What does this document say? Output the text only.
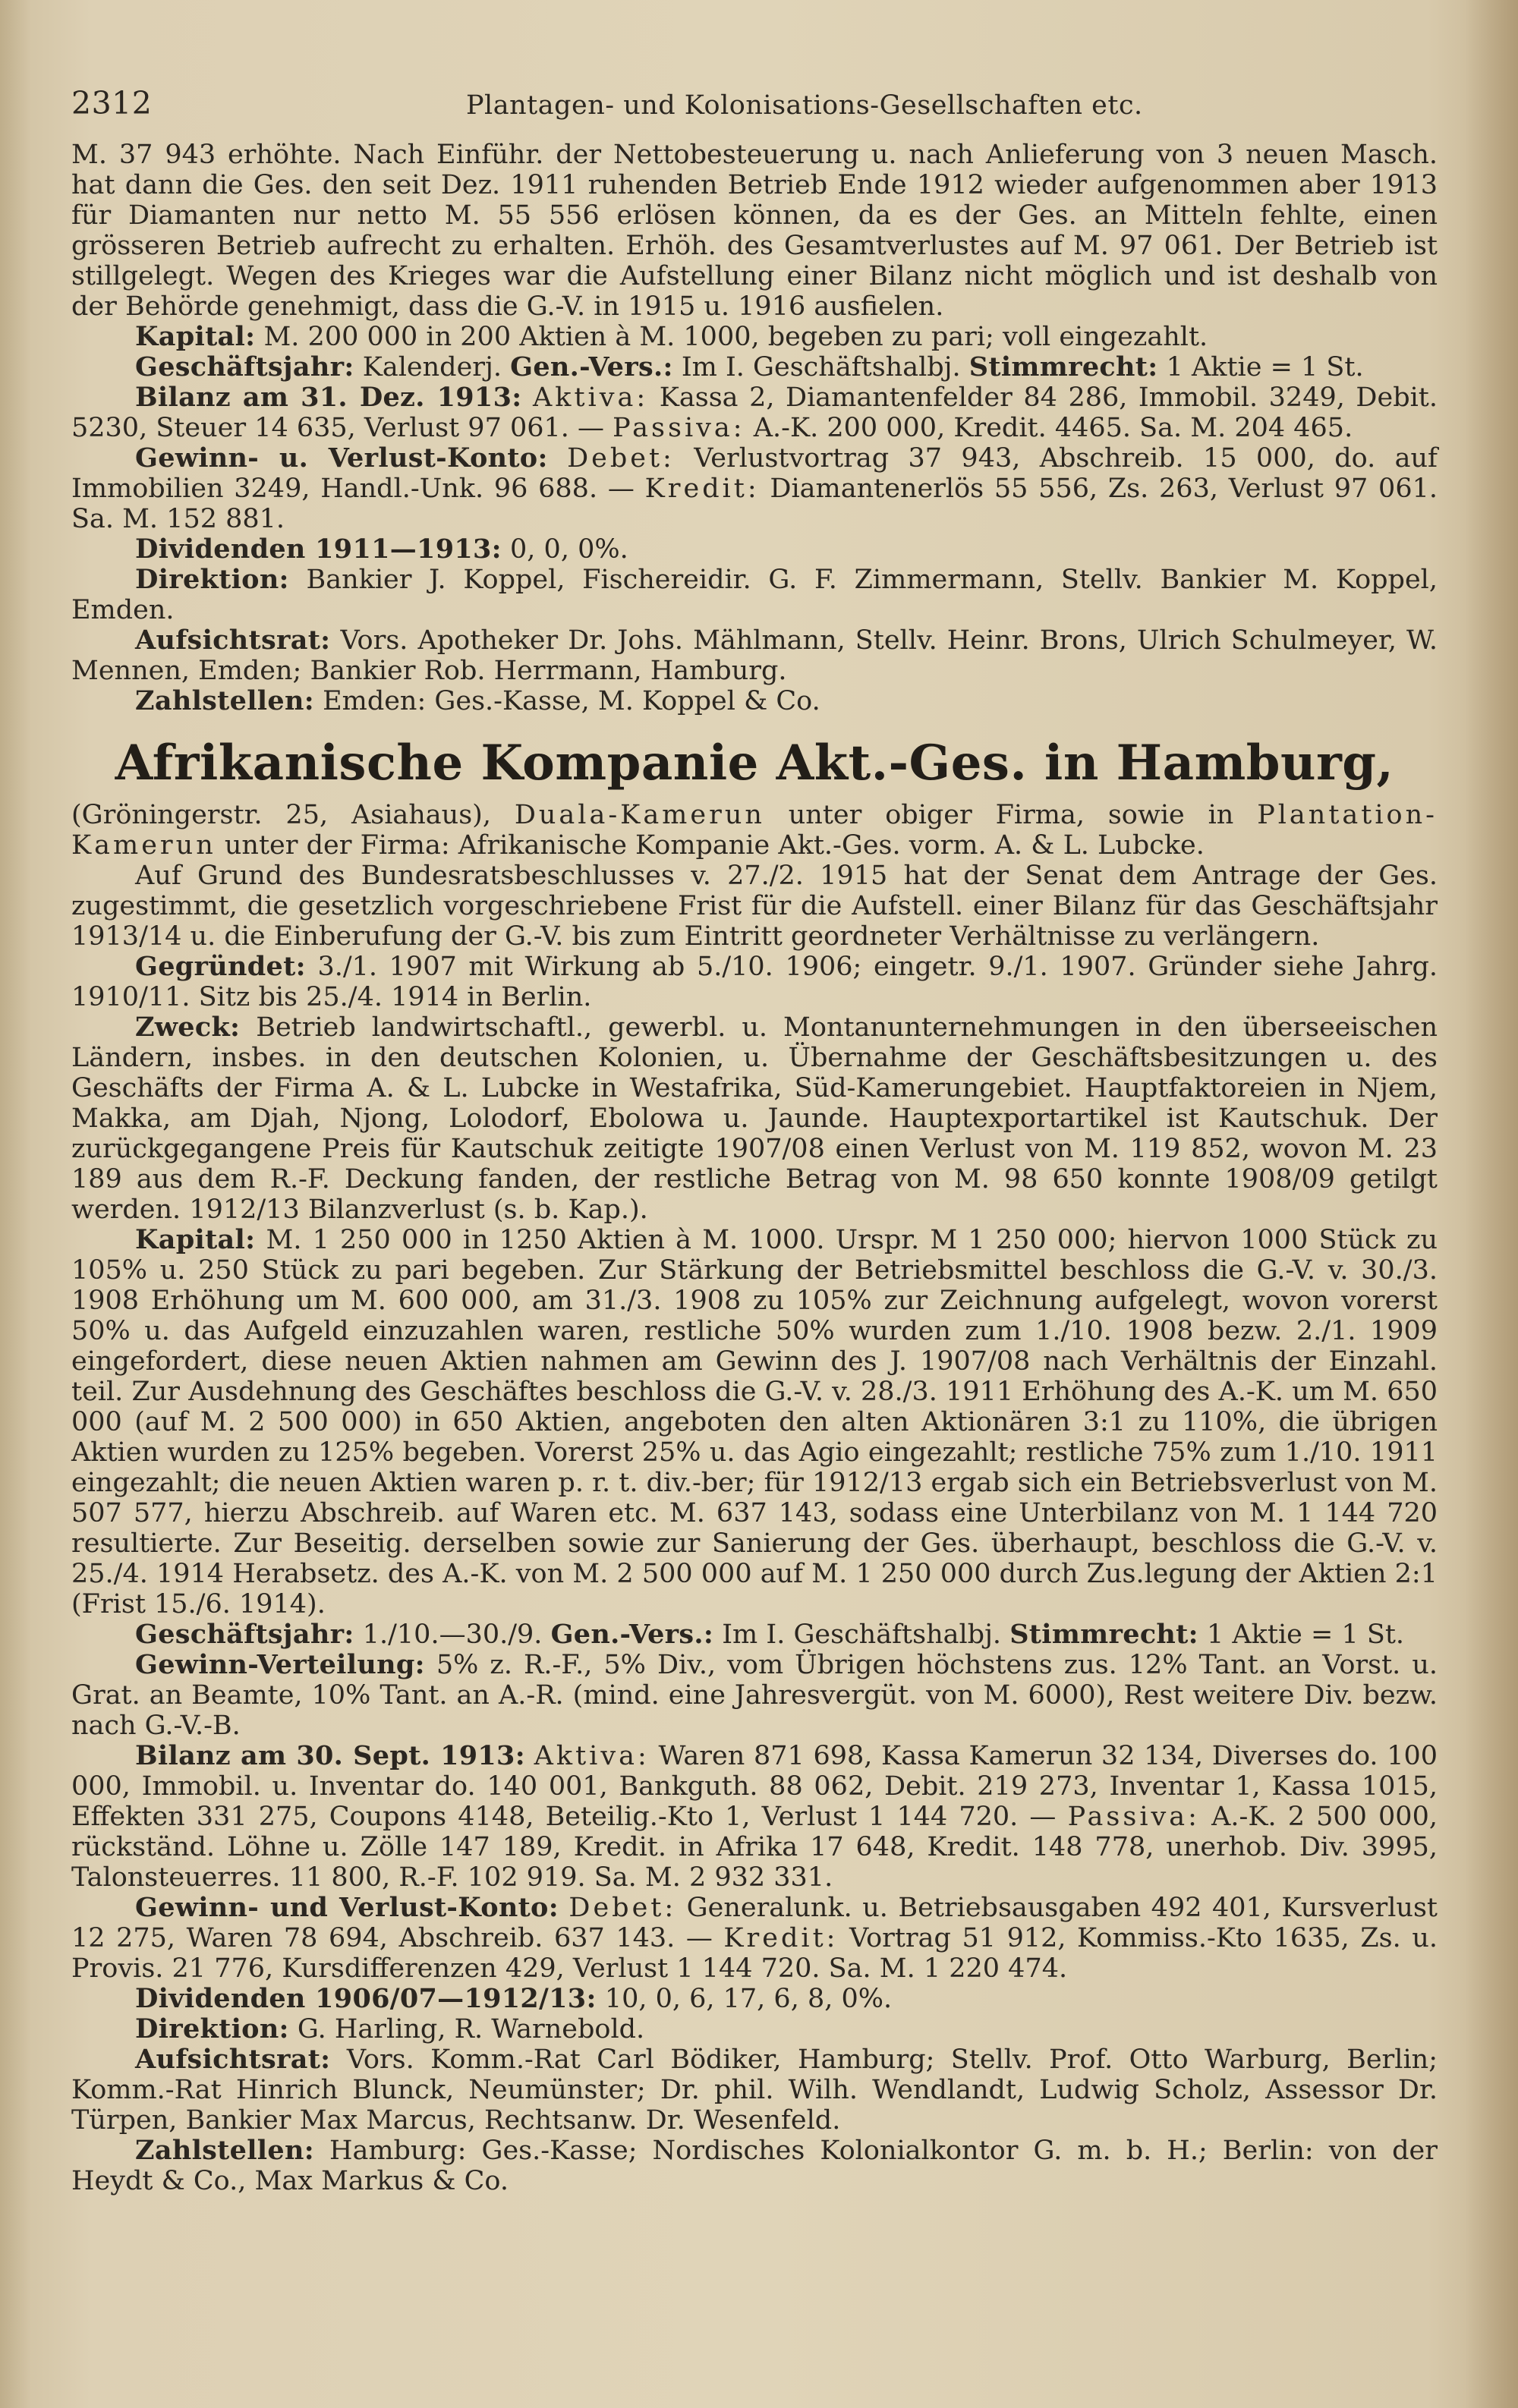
2312	Plantagen- und Kolonisations-Gesellschaften etc.

M. 37 943 erhöhte. Nach Einführ. der Nettobesteuerung u. nach Anlieferung von 3 neuen Masch. hat dann die Ges. den seit Dez. 1911 ruhenden Betrieb Ende 1912 wieder aufgenommen aber 1913 für Diamanten nur netto M. 55 556 erlösen können, da es der Ges. an Mitteln fehlte, einen grösseren Betrieb aufrecht zu erhalten. Erhöh. des Gesamtverlustes auf M. 97 061. Der Betrieb ist stillgelegt. Wegen des Krieges war die Aufstellung einer Bilanz nicht möglich und ist deshalb von der Behörde genehmigt, dass die G.-V. in 1915 u. 1916 ausfielen.

Kapital: M. 200 000 in 200 Aktien à M. 1000, begeben zu pari; voll eingezahlt.

Geschäftsjahr: Kalenderj. Gen.-Vers.: Im I. Geschäftshalbj. Stimmrecht: 1 Aktie = 1 St.

Bilanz am 31. Dez. 1913: Aktiva: Kassa 2, Diamantenfelder 84 286, Immobil. 3249, Debit. 5230, Steuer 14 635, Verlust 97 061. — Passiva: A.-K. 200 000, Kredit. 4465. Sa. M. 204 465.

Gewinn- u. Verlust-Konto: Debet: Verlustvortrag 37 943, Abschreib. 15 000, do. auf Immobilien 3249, Handl.-Unk. 96 688. — Kredit: Diamantenerlös 55 556, Zs. 263, Verlust 97 061. Sa. M. 152 881.

Dividenden 1911—1913: 0, 0, 0%.

Direktion: Bankier J. Koppel, Fischereidir. G. F. Zimmermann, Stellv. Bankier M. Koppel, Emden.

Aufsichtsrat: Vors. Apotheker Dr. Johs. Mählmann, Stellv. Heinr. Brons, Ulrich Schulmeyer, W. Mennen, Emden; Bankier Rob. Herrmann, Hamburg.

Zahlstellen: Emden: Ges.-Kasse, M. Koppel & Co.

Afrikanische Kompanie Akt.-Ges. in Hamburg,

(Gröningerstr. 25, Asiahaus), Duala-Kamerun unter obiger Firma, sowie in Plantation-Kamerun unter der Firma: Afrikanische Kompanie Akt.-Ges. vorm. A. & L. Lubcke.

Auf Grund des Bundesratsbeschlusses v. 27./2. 1915 hat der Senat dem Antrage der Ges. zugestimmt, die gesetzlich vorgeschriebene Frist für die Aufstell. einer Bilanz für das Geschäftsjahr 1913/14 u. die Einberufung der G.-V. bis zum Eintritt geordneter Verhältnisse zu verlängern.

Gegründet: 3./1. 1907 mit Wirkung ab 5./10. 1906; eingetr. 9./1. 1907. Gründer siehe Jahrg. 1910/11. Sitz bis 25./4. 1914 in Berlin.

Zweck: Betrieb landwirtschaftl., gewerbl. u. Montanunternehmungen in den überseeischen Ländern, insbes. in den deutschen Kolonien, u. Übernahme der Geschäftsbesitzungen u. des Geschäfts der Firma A. & L. Lubcke in Westafrika, Süd-Kamerungebiet. Hauptfaktoreien in Njem, Makka, am Djah, Njong, Lolodorf, Ebolowa u. Jaunde. Hauptexportartikel ist Kautschuk. Der zurückgegangene Preis für Kautschuk zeitigte 1907/08 einen Verlust von M. 119 852, wovon M. 23 189 aus dem R.-F. Deckung fanden, der restliche Betrag von M. 98 650 konnte 1908/09 getilgt werden. 1912/13 Bilanzverlust (s. b. Kap.).

Kapital: M. 1 250 000 in 1250 Aktien à M. 1000. Urspr. M 1 250 000; hiervon 1000 Stück zu 105% u. 250 Stück zu pari begeben. Zur Stärkung der Betriebsmittel beschloss die G.-V. v. 30./3. 1908 Erhöhung um M. 600 000, am 31./3. 1908 zu 105% zur Zeichnung aufgelegt, wovon vorerst 50% u. das Aufgeld einzuzahlen waren, restliche 50% wurden zum 1./10. 1908 bezw. 2./1. 1909 eingefordert, diese neuen Aktien nahmen am Gewinn des J. 1907/08 nach Verhältnis der Einzahl. teil. Zur Ausdehnung des Geschäftes beschloss die G.-V. v. 28./3. 1911 Erhöhung des A.-K. um M. 650 000 (auf M. 2 500 000) in 650 Aktien, angeboten den alten Aktionären 3:1 zu 110%, die übrigen Aktien wurden zu 125% begeben. Vorerst 25% u. das Agio eingezahlt; restliche 75% zum 1./10. 1911 eingezahlt; die neuen Aktien waren p. r. t. div.-ber; für 1912/13 ergab sich ein Betriebsverlust von M. 507 577, hierzu Abschreib. auf Waren etc. M. 637 143, sodass eine Unterbilanz von M. 1 144 720 resultierte. Zur Beseitig. derselben sowie zur Sanierung der Ges. überhaupt, beschloss die G.-V. v. 25./4. 1914 Herabsetz. des A.-K. von M. 2 500 000 auf M. 1 250 000 durch Zus.legung der Aktien 2:1 (Frist 15./6. 1914).

Geschäftsjahr: 1./10.—30./9. Gen.-Vers.: Im I. Geschäftshalbj. Stimmrecht: 1 Aktie = 1 St.

Gewinn-Verteilung: 5% z. R.-F., 5% Div., vom Übrigen höchstens zus. 12% Tant. an Vorst. u. Grat. an Beamte, 10% Tant. an A.-R. (mind. eine Jahresvergüt. von M. 6000), Rest weitere Div. bezw. nach G.-V.-B.

Bilanz am 30. Sept. 1913: Aktiva: Waren 871 698, Kassa Kamerun 32 134, Diverses do. 100 000, Immobil. u. Inventar do. 140 001, Bankguth. 88 062, Debit. 219 273, Inventar 1, Kassa 1015, Effekten 331 275, Coupons 4148, Beteilig.-Kto 1, Verlust 1 144 720. — Passiva: A.-K. 2 500 000, rückständ. Löhne u. Zölle 147 189, Kredit. in Afrika 17 648, Kredit. 148 778, unerhob. Div. 3995, Talonsteuerres. 11 800, R.-F. 102 919. Sa. M. 2 932 331.

Gewinn- und Verlust-Konto: Debet: Generalunk. u. Betriebsausgaben 492 401, Kursverlust 12 275, Waren 78 694, Abschreib. 637 143. — Kredit: Vortrag 51 912, Kommiss.-Kto 1635, Zs. u. Provis. 21 776, Kursdifferenzen 429, Verlust 1 144 720. Sa. M. 1 220 474.

Dividenden 1906/07—1912/13: 10, 0, 6, 17, 6, 8, 0%.

Direktion: G. Harling, R. Warnebold.

Aufsichtsrat: Vors. Komm.-Rat Carl Bödiker, Hamburg; Stellv. Prof. Otto Warburg, Berlin; Komm.-Rat Hinrich Blunck, Neumünster; Dr. phil. Wilh. Wendlandt, Ludwig Scholz, Assessor Dr. Türpen, Bankier Max Marcus, Rechtsanw. Dr. Wesenfeld.

Zahlstellen: Hamburg: Ges.-Kasse; Nordisches Kolonialkontor G. m. b. H.; Berlin: von der Heydt & Co., Max Markus & Co.
